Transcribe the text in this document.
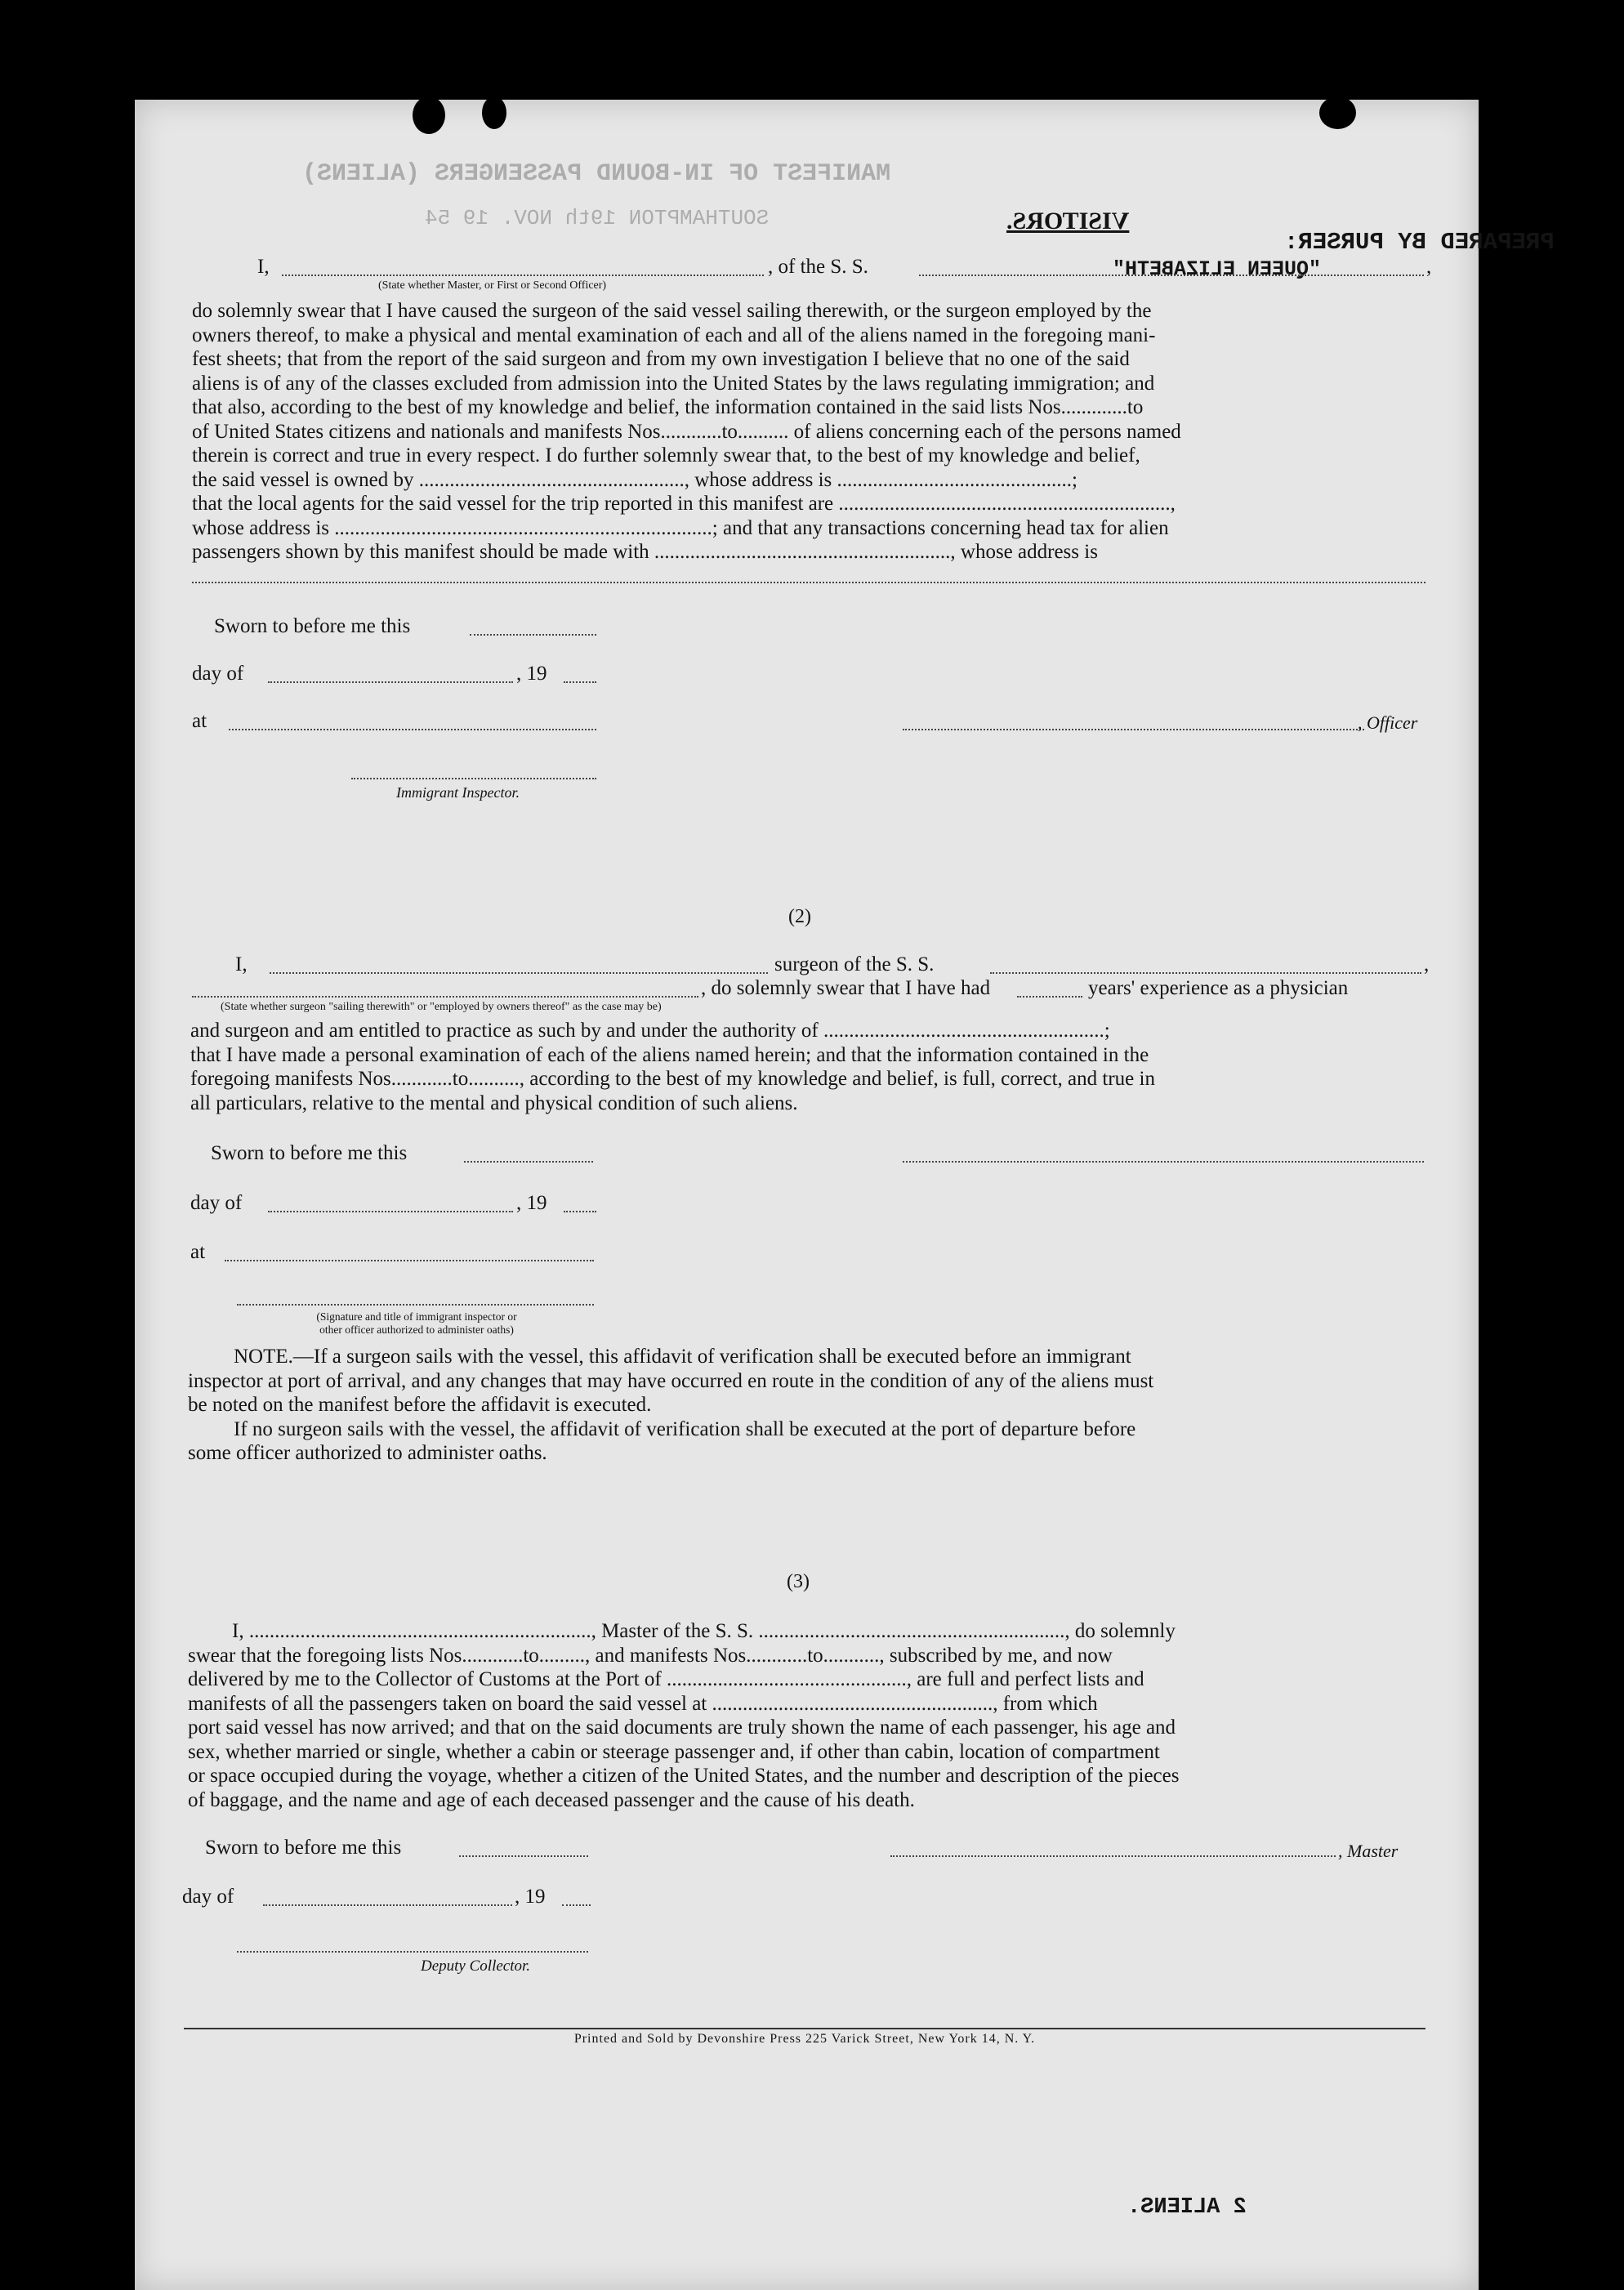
MANIFEST OF IN-BOUND PASSENGERS (ALIENS)
SOUTHAMPTON 19th NOV. 19 54	VISITORS.
PREPARED BY PURSER:
"QUEEN ELIZABETH"
I,	, of the S. S.	,
(State whether Master, or First or Second Officer)
do solemnly swear that I have caused the surgeon of the said vessel sailing therewith, or the surgeon employed by the
owners thereof, to make a physical and mental examination of each and all of the aliens named in the foregoing mani-
fest sheets; that from the report of the said surgeon and from my own investigation I believe that no one of the said
aliens is of any of the classes excluded from admission into the United States by the laws regulating immigration; and
that also, according to the best of my knowledge and belief, the information contained in the said lists Nos.............to
of United States citizens and nationals and manifests Nos............to.......... of aliens concerning each of the persons named
therein is correct and true in every respect. I do further solemnly swear that, to the best of my knowledge and belief,
the said vessel is owned by ...................................................., whose address is ..............................................;
that the local agents for the said vessel for the trip reported in this manifest are .................................................................,
whose address is ..........................................................................; and that any transactions concerning head tax for alien
passengers shown by this manifest should be made with .........................................................., whose address is
Sworn to before me this
day of	, 19
at	, Officer
Immigrant Inspector.
(2)
I,	surgeon of the S. S.	,
, do solemnly swear that I have had	years' experience as a physician
(State whether surgeon "sailing therewith" or "employed by owners thereof" as the case may be)
and surgeon and am entitled to practice as such by and under the authority of .......................................................;
that I have made a personal examination of each of the aliens named herein; and that the information contained in the
foregoing manifests Nos............to.........., according to the best of my knowledge and belief, is full, correct, and true in
all particulars, relative to the mental and physical condition of such aliens.
Sworn to before me this
day of	, 19
at
(Signature and title of immigrant inspector or
other officer authorized to administer oaths)
NOTE.—If a surgeon sails with the vessel, this affidavit of verification shall be executed before an immigrant
inspector at port of arrival, and any changes that may have occurred en route in the condition of any of the aliens must
be noted on the manifest before the affidavit is executed.
If no surgeon sails with the vessel, the affidavit of verification shall be executed at the port of departure before
some officer authorized to administer oaths.
(3)
I, ..................................................................., Master of the S. S. ............................................................, do solemnly
swear that the foregoing lists Nos............to........., and manifests Nos............to..........., subscribed by me, and now
delivered by me to the Collector of Customs at the Port of ..............................................., are full and perfect lists and
manifests of all the passengers taken on board the said vessel at ......................................................., from which
port said vessel has now arrived; and that on the said documents are truly shown the name of each passenger, his age and
sex, whether married or single, whether a cabin or steerage passenger and, if other than cabin, location of compartment
or space occupied during the voyage, whether a citizen of the United States, and the number and description of the pieces
of baggage, and the name and age of each deceased passenger and the cause of his death.
Sworn to before me this	, Master
day of	, 19
Deputy Collector.
Printed and Sold by Devonshire Press 225 Varick Street, New York 14, N. Y.
2 ALIENS.
